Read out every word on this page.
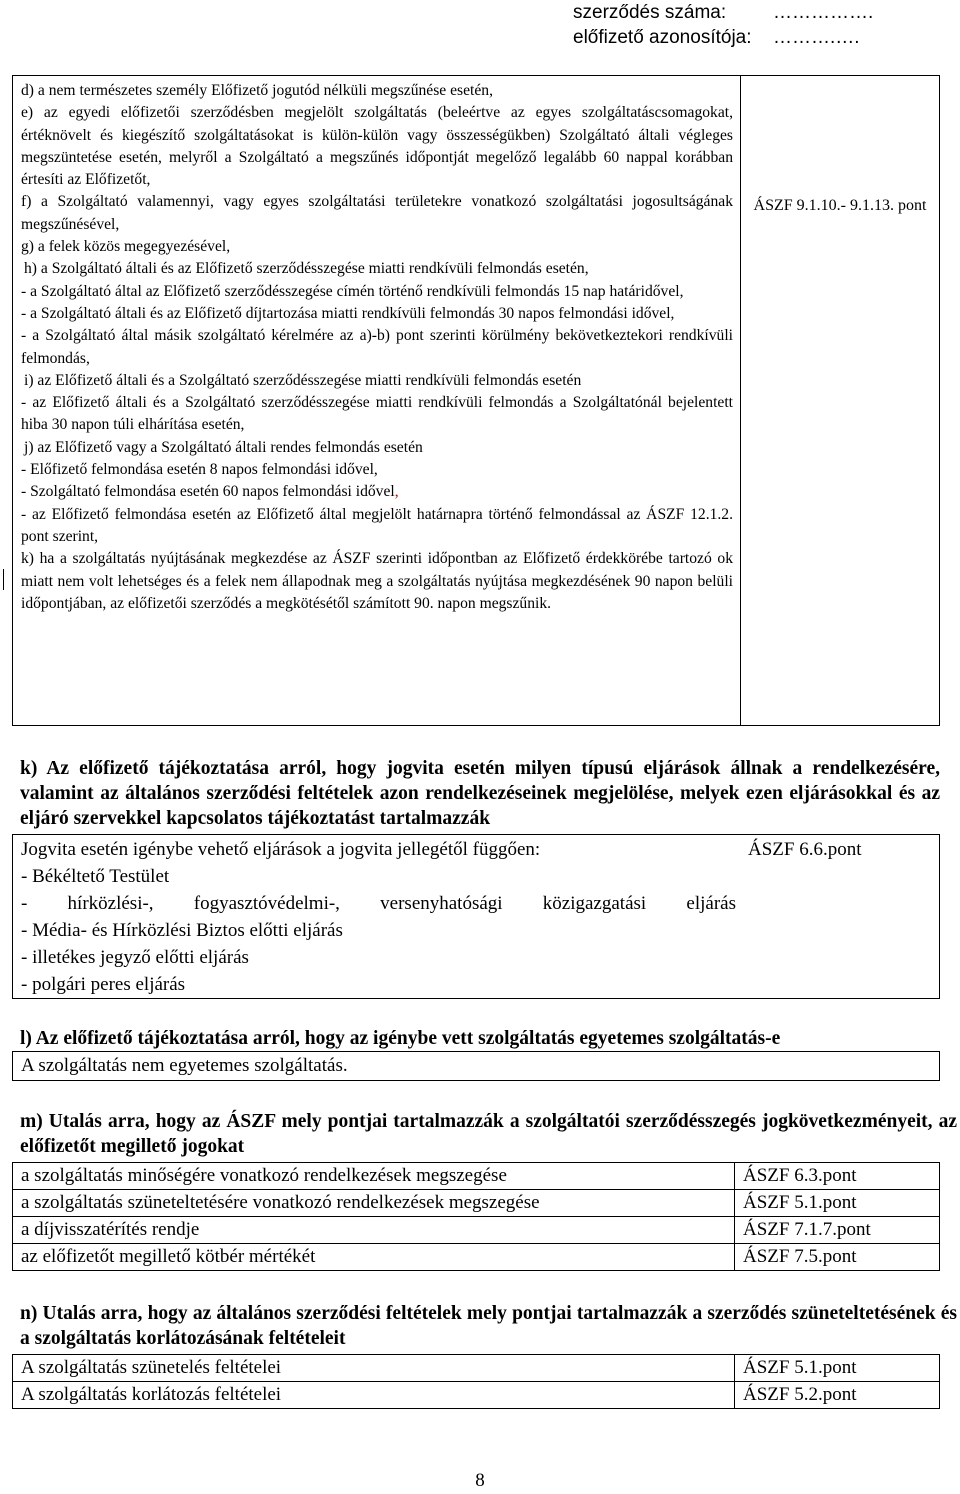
szerződés száma: …………….
előfizető azonosítója: ……….….
d) a nem természetes személy Előfizető jogutód nélküli megszűnése esetén,
e) az egyedi előfizetői szerződésben megjelölt szolgáltatás (beleértve az egyes szolgáltatáscsomagokat, értéknövelt és kiegészítő szolgáltatásokat is külön-külön vagy összességükben) Szolgáltató általi végleges megszüntetése esetén, melyről a Szolgáltató a megszűnés időpontját megelőző legalább 60 nappal korábban értesíti az Előfizetőt,
f) a Szolgáltató valamennyi, vagy egyes szolgáltatási területekre vonatkozó szolgáltatási jogosultságának megszűnésével,
g) a felek közös megegyezésével,
h) a Szolgáltató általi és az Előfizető szerződésszegése miatti rendkívüli felmondás esetén,
- a Szolgáltató által az Előfizető szerződésszegése címén történő rendkívüli felmondás 15 nap határidővel,
- a Szolgáltató általi és az Előfizető díjtartozása miatti rendkívüli felmondás 30 napos felmondási idővel,
- a Szolgáltató által másik szolgáltató kérelmére az a)-b) pont szerinti körülmény bekövetkeztekori rendkívüli felmondás,
i) az Előfizető általi és a Szolgáltató szerződésszegése miatti rendkívüli felmondás esetén
- az Előfizető általi és a Szolgáltató szerződésszegése miatti rendkívüli felmondás a Szolgáltatónál bejelentett hiba 30 napon túli elhárítása esetén,
j) az Előfizető vagy a Szolgáltató általi rendes felmondás esetén
- Előfizető felmondása esetén 8 napos felmondási idővel,
- Szolgáltató felmondása esetén 60 napos felmondási idővel,
- az Előfizető felmondása esetén az Előfizető által megjelölt határnapra történő felmondással az ÁSZF 12.1.2. pont szerint,
k) ha a szolgáltatás nyújtásának megkezdése az ÁSZF szerinti időpontban az Előfizető érdekkörébe tartozó ok miatt nem volt lehetséges és a felek nem állapodnak meg a szolgáltatás nyújtása megkezdésének 90 napon belüli időpontjában, az előfizetői szerződés a megkötésétől számított 90. napon megszűnik.

ÁSZF 9.1.10.- 9.1.13. pont
k) Az előfizető tájékoztatása arról, hogy jogvita esetén milyen típusú eljárások állnak a rendelkezésére, valamint az általános szerződési feltételek azon rendelkezéseinek megjelölése, melyek ezen eljárásokkal és az eljáró szervekkel kapcsolatos tájékoztatást tartalmazzák
Jogvita esetén igénybe vehető eljárások a jogvita jellegétől függően:
- Békéltető Testület
- hírközlési-, fogyasztóvédelmi-, versenyhatósági közigazgatási eljárás
- Média- és Hírközlési Biztos előtti eljárás
- illetékes jegyző előtti eljárás
- polgári peres eljárás

ÁSZF 6.6.pont
l) Az előfizető tájékoztatása arról, hogy az igénybe vett szolgáltatás egyetemes szolgáltatás-e
A szolgáltatás nem egyetemes szolgáltatás.
m) Utalás arra, hogy az ÁSZF mely pontjai tartalmazzák a szolgáltatói szerződésszegés jogkövetkezményeit, az előfizetőt megillető jogokat
a szolgáltatás minőségére vonatkozó rendelkezések megszegése	ÁSZF 6.3.pont
a szolgáltatás szüneteltetésére vonatkozó rendelkezések megszegése	ÁSZF 5.1.pont
a díjvisszatérítés rendje	ÁSZF 7.1.7.pont
az előfizetőt megillető kötbér mértékét	ÁSZF 7.5.pont
n) Utalás arra, hogy az általános szerződési feltételek mely pontjai tartalmazzák a szerződés szüneteltetésének és a szolgáltatás korlátozásának feltételeit
A szolgáltatás szünetelés feltételei	ÁSZF 5.1.pont
A szolgáltatás korlátozás feltételei	ÁSZF 5.2.pont
8
